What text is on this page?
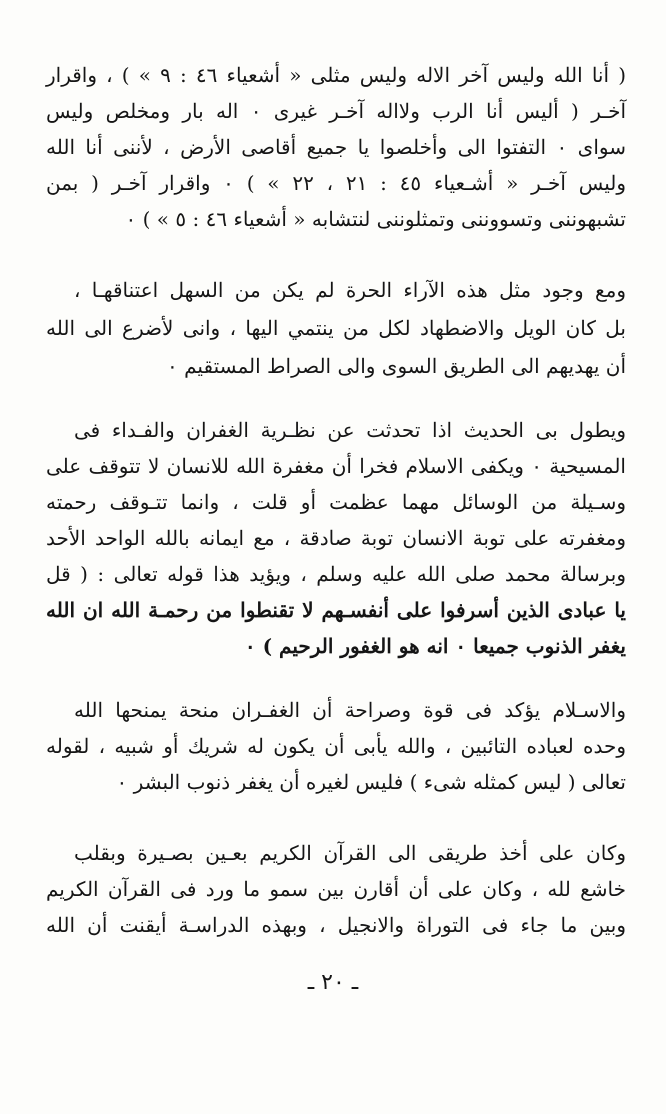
( أنا الله وليس آخر الاله وليس مثلى « أشعياء ٤٦ : ٩ » ) ، واقرار
آخـر ( أليس أنا الرب ولااله آخـر غيرى ٠ اله بار ومخلص وليس
سواى ٠ التفتوا الى وأخلصوا يا جميع أقاصى الأرض ، لأننى أنا الله
وليس آخـر « أشـعياء ٤٥ : ٢١ ، ٢٢ » ) ٠ واقرار آخـر ( بمن
تشبهوننى وتسووننى وتمثلوننى لنتشابه « أشعياء ٤٦ : ٥ » ) ٠
ومع وجود مثل هذه الآراء الحرة لم يكن من السهل اعتناقهـا ،
بل كان الويل والاضطهاد لكل من ينتمي اليها ، وانى لأضرع الى الله
أن يهديهم الى الطريق السوى والى الصراط المستقيم ٠
ويطول بى الحديث اذا تحدثت عن نظـرية الغفران والفـداء فى
المسيحية ٠ ويكفى الاسلام فخرا أن مغفرة الله للانسان لا تتوقف على
وسـيلة من الوسائل مهما عظمت أو قلت ، وانما تتـوقف رحمته
ومغفرته على توبة الانسان توبة صادقة ، مع ايمانه بالله الواحد الأحد
وبرسالة محمد صلى الله عليه وسلم ، ويؤيد هذا قوله تعالى : ( قل
يا عبادى الذين أسرفوا على أنفسـهم لا تقنطوا من رحمـة الله ان الله
يغفر الذنوب جميعا ٠ انه هو الغفور الرحيم ) ٠
والاسـلام يؤكد فى قوة وصراحة أن الغفـران منحة يمنحها الله
وحده لعباده التائبين ، والله يأبى أن يكون له شريك أو شبيه ، لقوله
تعالى ( ليس كمثله شىء ) فليس لغيره أن يغفر ذنوب البشر ٠
وكان على أخذ طريقى الى القرآن الكريم بعـين بصـيرة وبقلب
خاشع لله ، وكان على أن أقارن بين سمو ما ورد فى القرآن الكريم
وبين ما جاء فى التوراة والانجيل ، وبهذه الدراسـة أيقنت أن الله
ـ ٢٠ ـ
